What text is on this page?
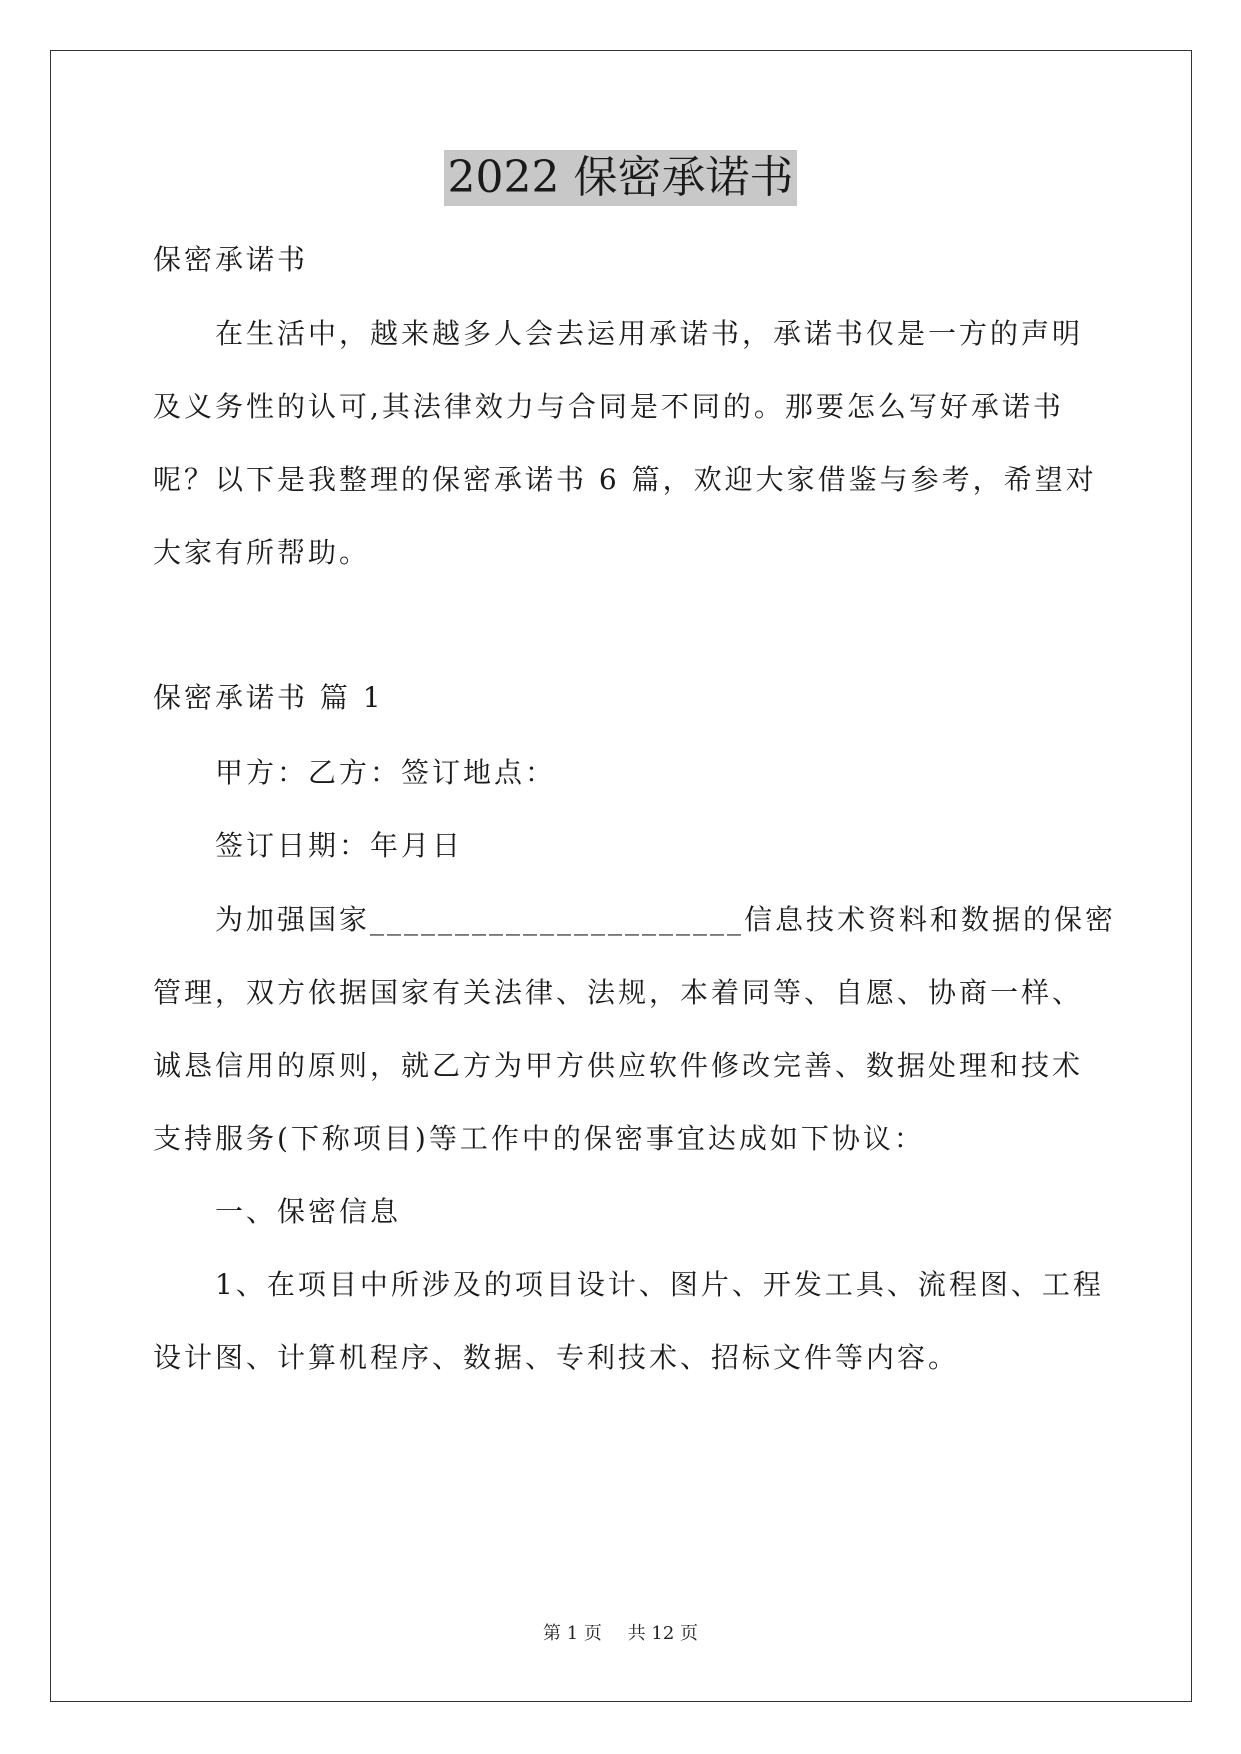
2022 保密承诺书
保密承诺书
在生活中，越来越多人会去运用承诺书，承诺书仅是一方的声明
及义务性的认可,其法律效力与合同是不同的。那要怎么写好承诺书
呢？以下是我整理的保密承诺书 6 篇，欢迎大家借鉴与参考，希望对
大家有所帮助。
保密承诺书 篇 1
甲方：乙方：签订地点：
签订日期：年月日
为加强国家______________________信息技术资料和数据的保密
管理，双方依据国家有关法律、法规，本着同等、自愿、协商一样、
诚恳信用的原则，就乙方为甲方供应软件修改完善、数据处理和技术
支持服务(下称项目)等工作中的保密事宜达成如下协议：
一、保密信息
1、在项目中所涉及的项目设计、图片、开发工具、流程图、工程
设计图、计算机程序、数据、专利技术、招标文件等内容。
第 1 页 共 12 页
